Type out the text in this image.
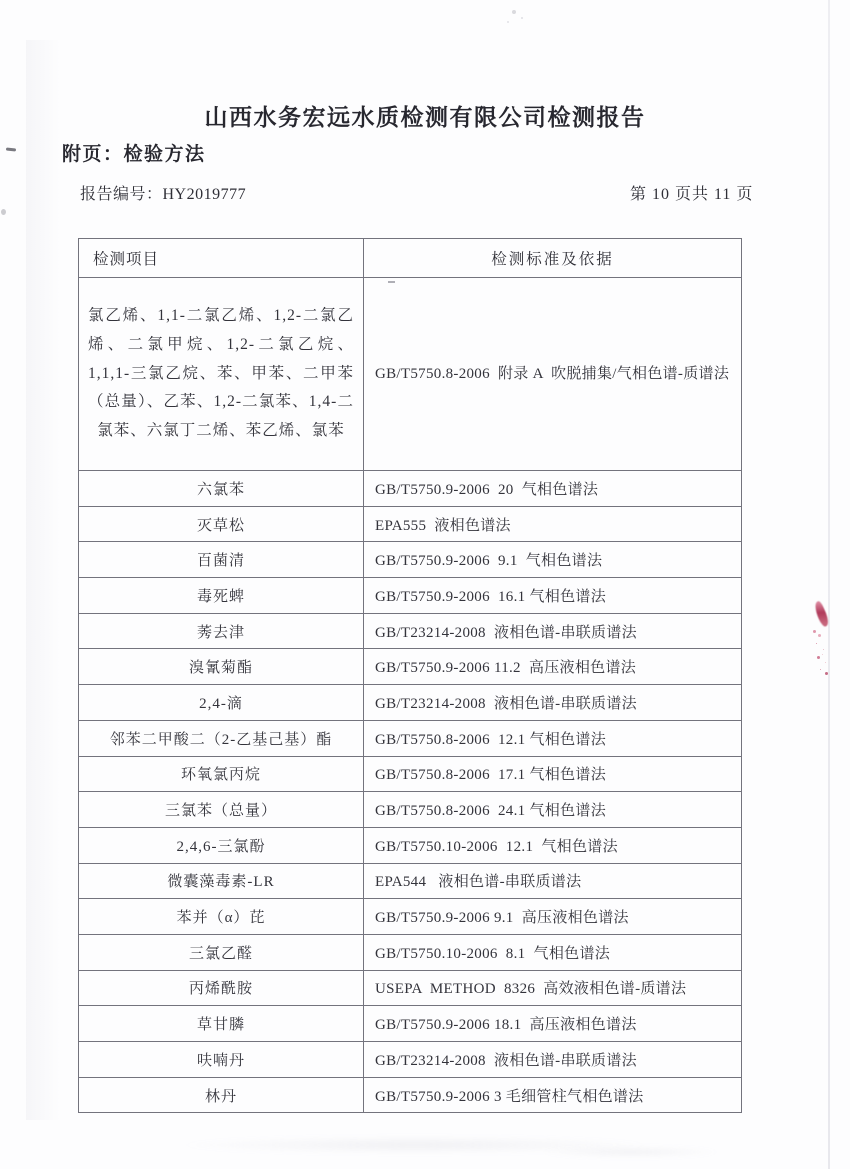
山西水务宏远水质检测有限公司检测报告
附页：检验方法
报告编号：HY2019777	第 10 页共 11 页
检测项目	检测标准及依据
氯乙烯、1,1-二氯乙烯、1,2-二氯乙烯、二氯甲烷、1,2-二氯乙烷、1,1,1-三氯乙烷、苯、甲苯、二甲苯（总量）、乙苯、1,2-二氯苯、1,4-二氯苯、六氯丁二烯、苯乙烯、氯苯	GB/T5750.8-2006  附录 A  吹脱捕集/气相色谱-质谱法
六氯苯	GB/T5750.9-2006  20  气相色谱法
灭草松	EPA555  液相色谱法
百菌清	GB/T5750.9-2006  9.1  气相色谱法
毒死蜱	GB/T5750.9-2006  16.1 气相色谱法
莠去津	GB/T23214-2008  液相色谱-串联质谱法
溴氰菊酯	GB/T5750.9-2006 11.2  高压液相色谱法
2,4-滴	GB/T23214-2008  液相色谱-串联质谱法
邻苯二甲酸二（2-乙基己基）酯	GB/T5750.8-2006  12.1 气相色谱法
环氧氯丙烷	GB/T5750.8-2006  17.1 气相色谱法
三氯苯（总量）	GB/T5750.8-2006  24.1 气相色谱法
2,4,6-三氯酚	GB/T5750.10-2006  12.1  气相色谱法
微囊藻毒素-LR	EPA544   液相色谱-串联质谱法
苯并（α）芘	GB/T5750.9-2006 9.1  高压液相色谱法
三氯乙醛	GB/T5750.10-2006  8.1  气相色谱法
丙烯酰胺	USEPA  METHOD  8326  高效液相色谱-质谱法
草甘膦	GB/T5750.9-2006 18.1  高压液相色谱法
呋喃丹	GB/T23214-2008  液相色谱-串联质谱法
林丹	GB/T5750.9-2006 3 毛细管柱气相色谱法
